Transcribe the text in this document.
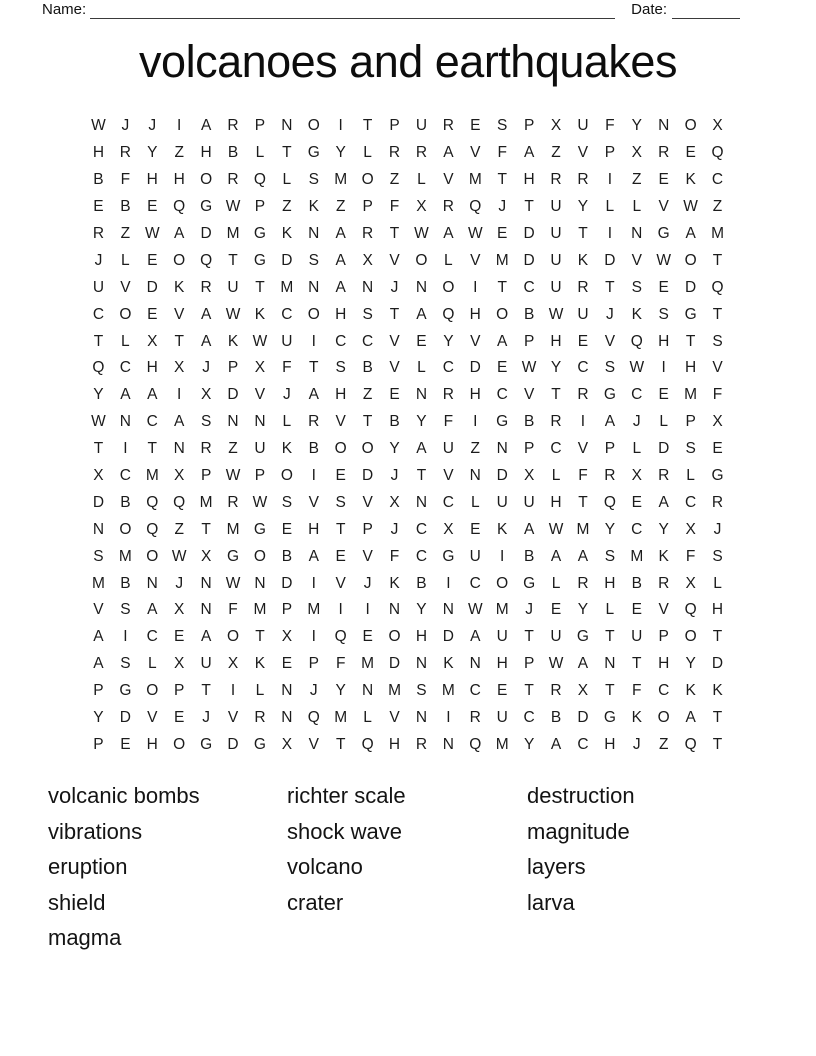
Name:	Date:
volcanoes and earthquakes
W	J	J	I	A	R	P	N O	I	T	P	U	R	E	S	P	X	U	F	Y	N O	X
H	R	Y	Z	H	B	L	T	G	Y	L	R	R	A	V	F	A	Z	V	P	X	R	E	Q
B	F	H	H O R Q	L	S M O	Z	L	V M	T	H	R	R	I	Z	E	K	C
E	B	E	Q G W P	Z	K	Z	P	F	X	R Q	J	T	U	Y	L	L	V W Z
R	Z W A	D M G	K	N	A	R	T W A W E	D	U	T	I	N G	A M
J	L	E	O Q	T	G D	S	A	X	V	O	L	V M D	U	K	D	V W O	T
U	V	D	K	R	U	T	M N	A	N	J	N O	I	T	C	U	R	T	S	E	D Q
C O	E	V	A W K	C O H	S	T	A	Q H O	B W U	J	K	S	G	T
T	L	X	T	A	K W U	I	C	C	V	E	Y	V	A	P	H	E	V	Q H	T	S
Q C	H	X	J	P	X	F	T	S	B	V	L	C	D	E W Y	C	S W	I	H	V
Y	A	A	I	X	D	V	J	A	H	Z	E	N	R	H	C	V	T	R G C	E M	F
W N	C	A	S	N	N	L	R	V	T	B	Y	F	I	G	B	R	I	A	J	L	P	X
T	I	T	N	R	Z	U	K	B	O O	Y	A	U	Z	N	P	C	V	P	L	D	S	E
X	C M X	P W P	O	I	E	D	J	T	V	N	D	X	L	F	R	X	R	L	G
D	B	Q Q M R W S	V	S	V	X	N	C	L	U	U	H	T	Q	E	A	C	R
N O Q	Z	T	M G	E	H	T	P	J	C	X	E	K	A W M Y	C	Y	X	J
S M O W X	G O	B	A	E	V	F	C G U	I	B	A	A	S M K	F	S
M B	N	J	N W N	D	I	V	J	K	B	I	C O G	L	R	H	B	R	X	L
V	S	A	X	N	F	M P M	I	I	N	Y	N W M	J	E	Y	L	E	V	Q H
A	I	C	E	A	O	T	X	I	Q	E	O H	D	A	U	T	U G	T	U	P	O	T
A	S	L	X	U	X	K	E	P	F	M D	N	K	N	H	P W A	N	T	H	Y	D
P	G O	P	T	I	L	N	J	Y	N M S M C	E	T	R	X	T	F	C	K	K
Y	D	V	E	J	V	R	N Q M	L	V	N	I	R	U	C	B	D G	K	O	A	T
P	E	H O G D G	X	V	T	Q H	R	N Q M Y	A	C	H	J	Z	Q	T
volcanic bombs
vibrations
eruption
shield
magma
richter scale
shock wave
volcano
crater
destruction
magnitude
layers
larva
